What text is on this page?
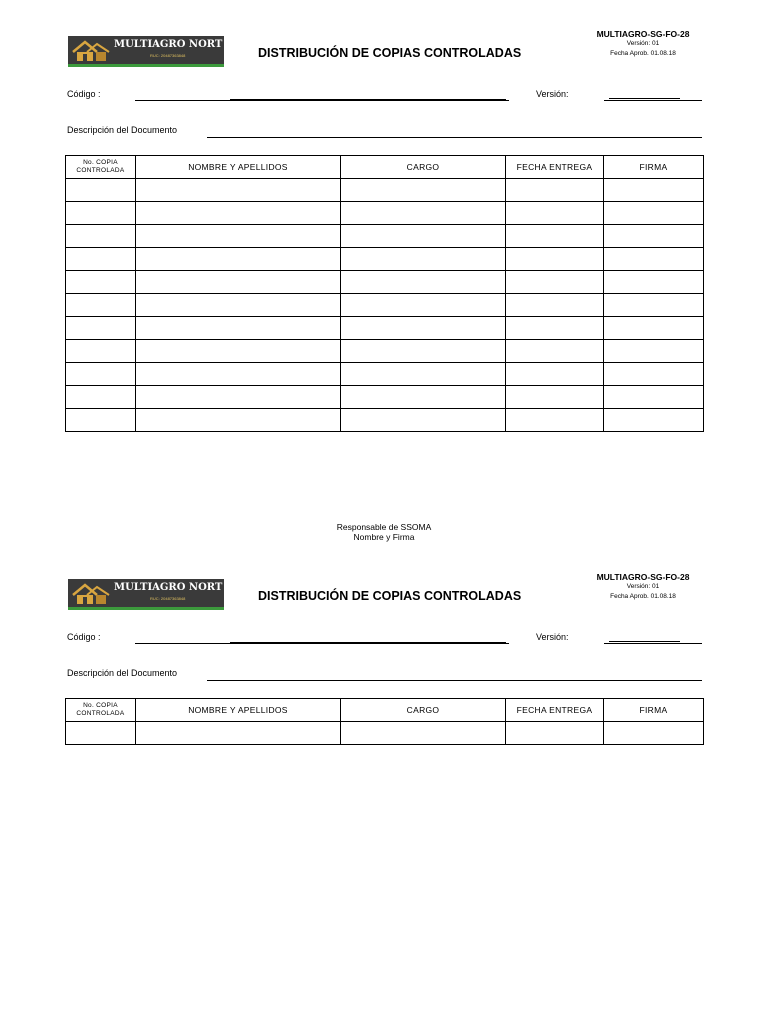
MULTIAGRO NORT E.I.R.L.
RUC: 20487363848	DISTRIBUCIÓN DE COPIAS CONTROLADAS
MULTIAGRO-SG-FO-28
Versión: 01
Fecha Aprob. 01.08.18
Código :	Versión:
Descripción del Documento
No. COPIA CONTROLADA	NOMBRE Y APELLIDOS	CARGO	FECHA ENTREGA	FIRMA

Responsable de SSOMA
Nombre y Firma
MULTIAGRO NORT E.I.R.L.
RUC: 20487363848	DISTRIBUCIÓN DE COPIAS CONTROLADAS
MULTIAGRO-SG-FO-28
Versión: 01
Fecha Aprob. 01.08.18
Código :	Versión:
Descripción del Documento
No. COPIA CONTROLADA	NOMBRE Y APELLIDOS	CARGO	FECHA ENTREGA	FIRMA
